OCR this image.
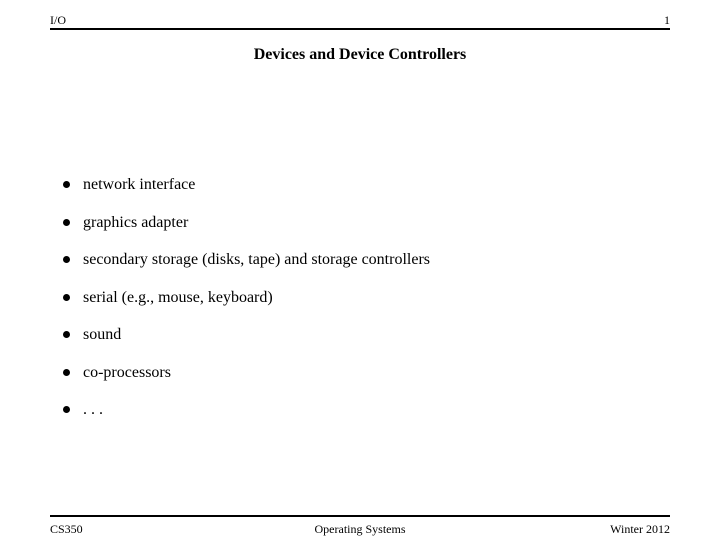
I/O	1
Devices and Device Controllers
network interface
graphics adapter
secondary storage (disks, tape) and storage controllers
serial (e.g., mouse, keyboard)
sound
co-processors
. . .
CS350	Operating Systems	Winter 2012
